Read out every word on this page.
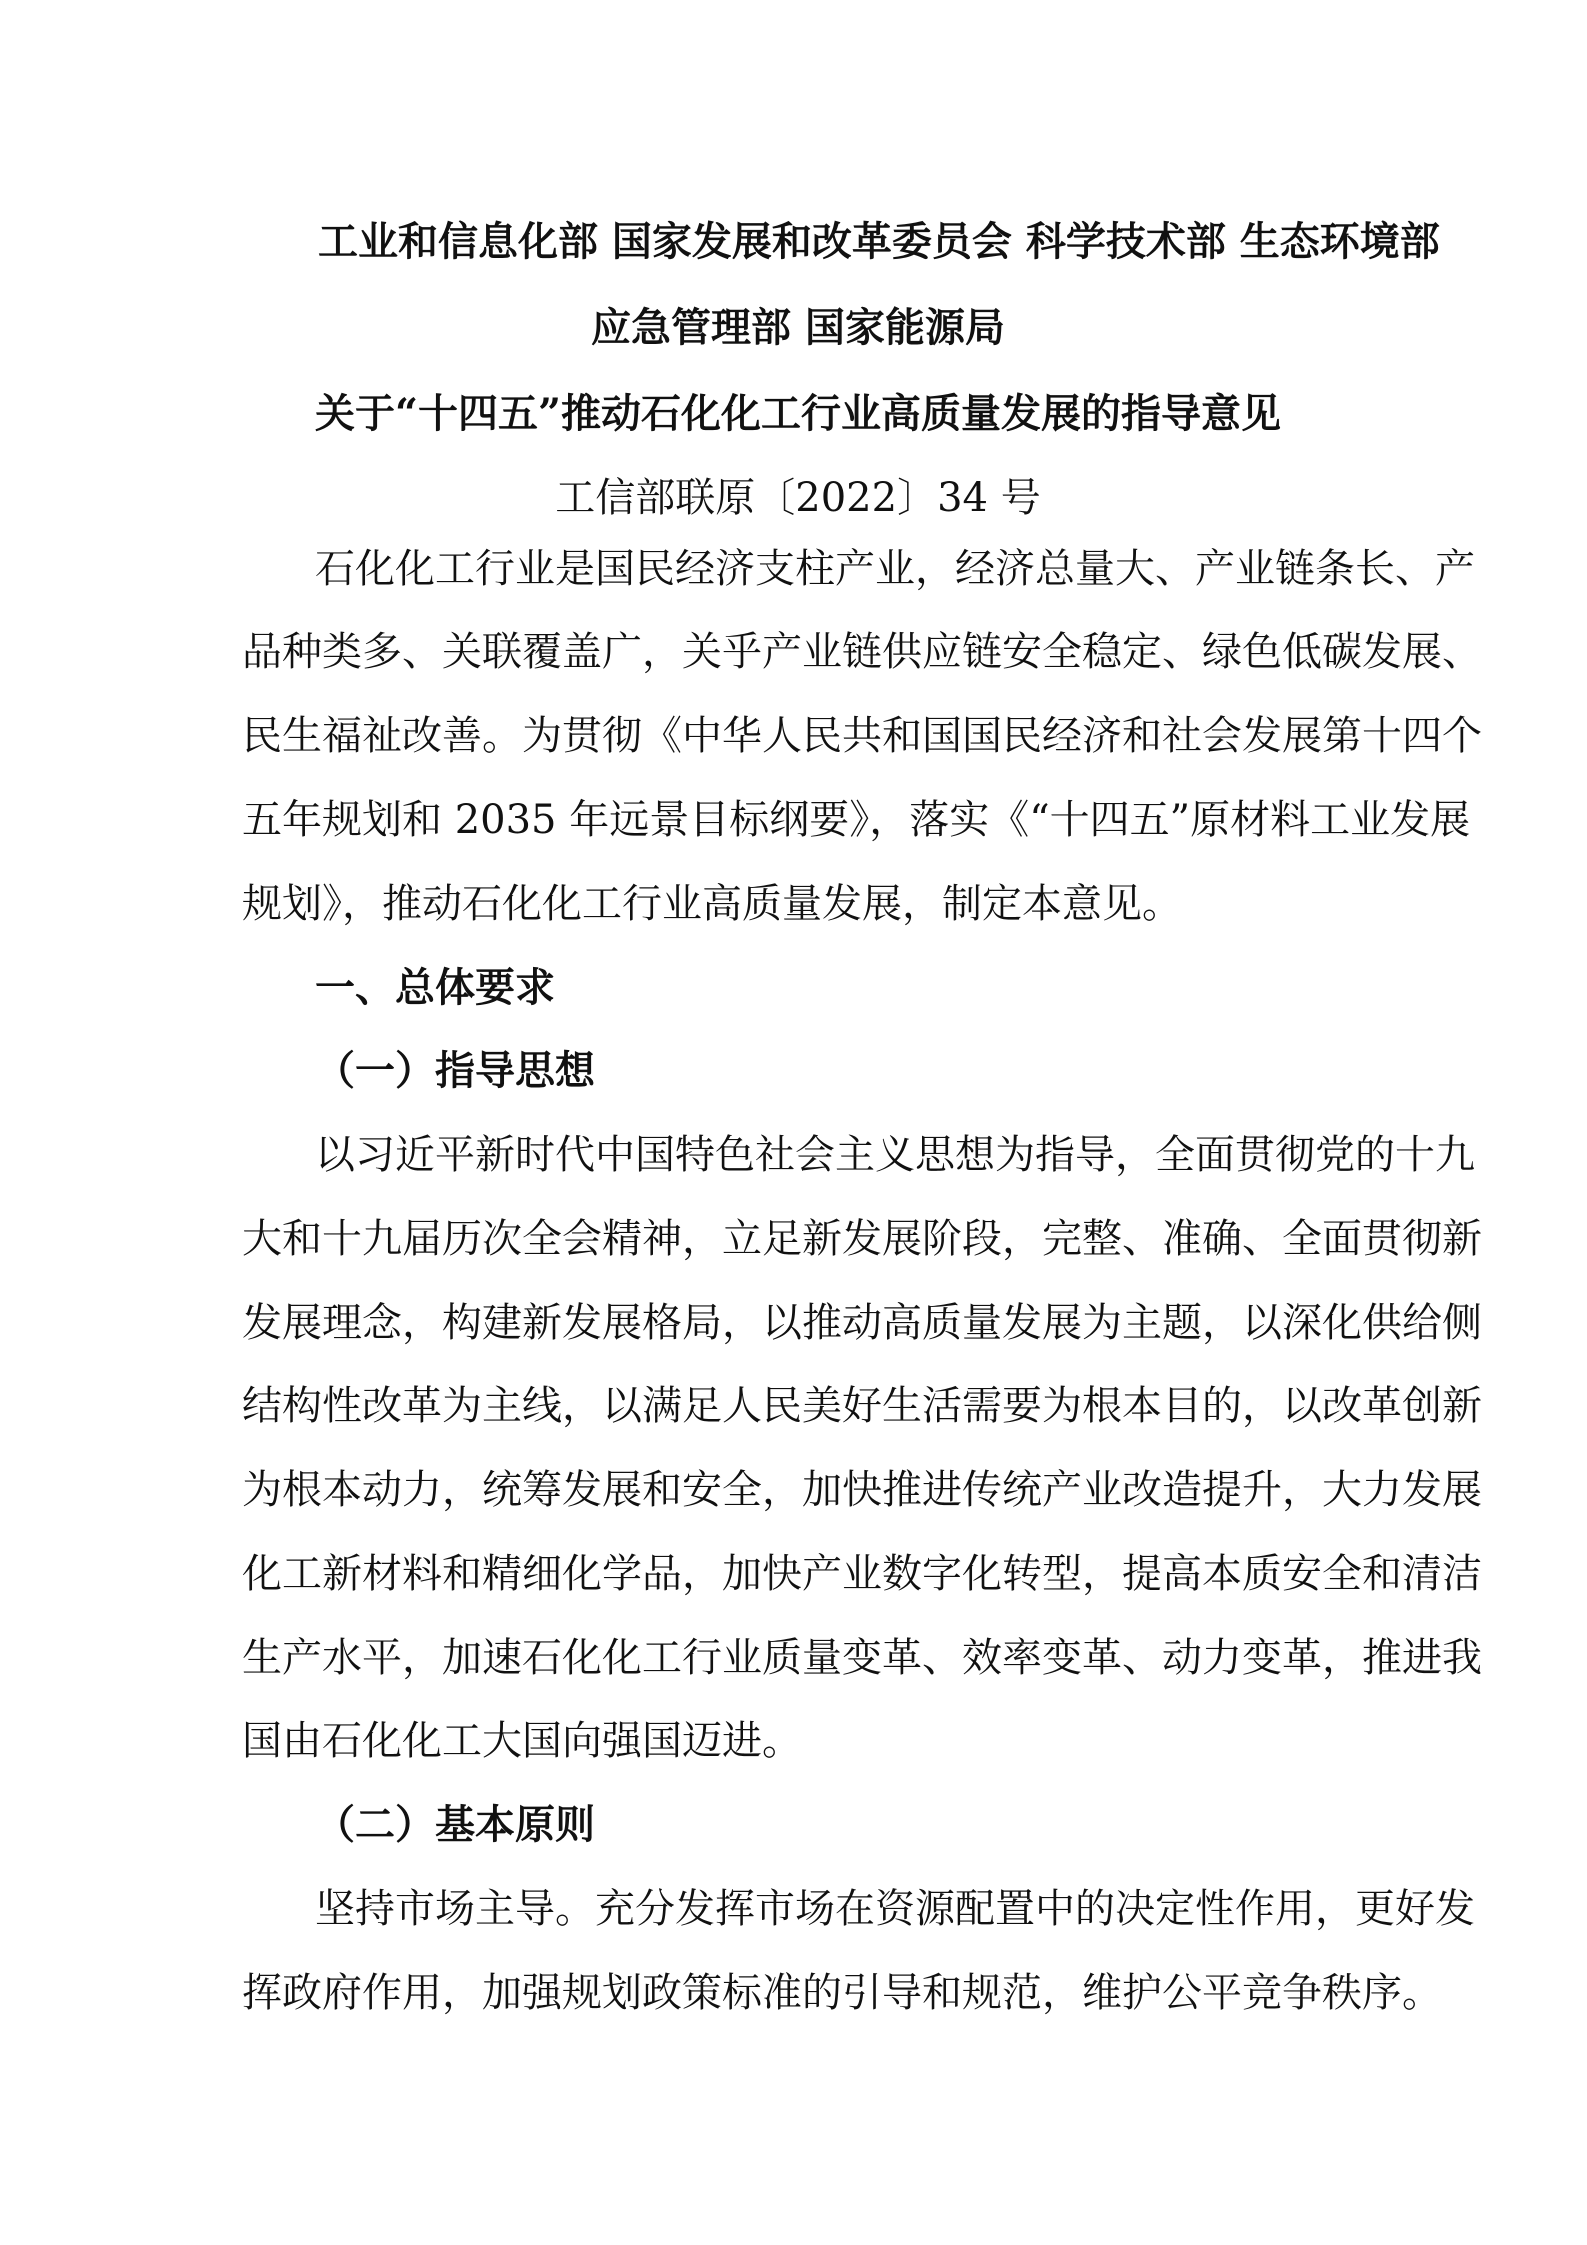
工业和信息化部 国家发展和改革委员会 科学技术部 生态环境部

应急管理部 国家能源局

关于“十四五”推动石化化工行业高质量发展的指导意见

工信部联原〔2022〕34 号

石化化工行业是国民经济支柱产业，经济总量大、产业链条长、产

品种类多、关联覆盖广，关乎产业链供应链安全稳定、绿色低碳发展、

民生福祉改善。为贯彻《中华人民共和国国民经济和社会发展第十四个

五年规划和 2035 年远景目标纲要》，落实《“十四五”原材料工业发展

规划》，推动石化化工行业高质量发展，制定本意见。

一、总体要求

（一）指导思想

以习近平新时代中国特色社会主义思想为指导，全面贯彻党的十九

大和十九届历次全会精神，立足新发展阶段，完整、准确、全面贯彻新

发展理念，构建新发展格局，以推动高质量发展为主题，以深化供给侧

结构性改革为主线，以满足人民美好生活需要为根本目的，以改革创新

为根本动力，统筹发展和安全，加快推进传统产业改造提升，大力发展

化工新材料和精细化学品，加快产业数字化转型，提高本质安全和清洁

生产水平，加速石化化工行业质量变革、效率变革、动力变革，推进我

国由石化化工大国向强国迈进。

（二）基本原则

坚持市场主导。充分发挥市场在资源配置中的决定性作用，更好发

挥政府作用，加强规划政策标准的引导和规范，维护公平竞争秩序。
